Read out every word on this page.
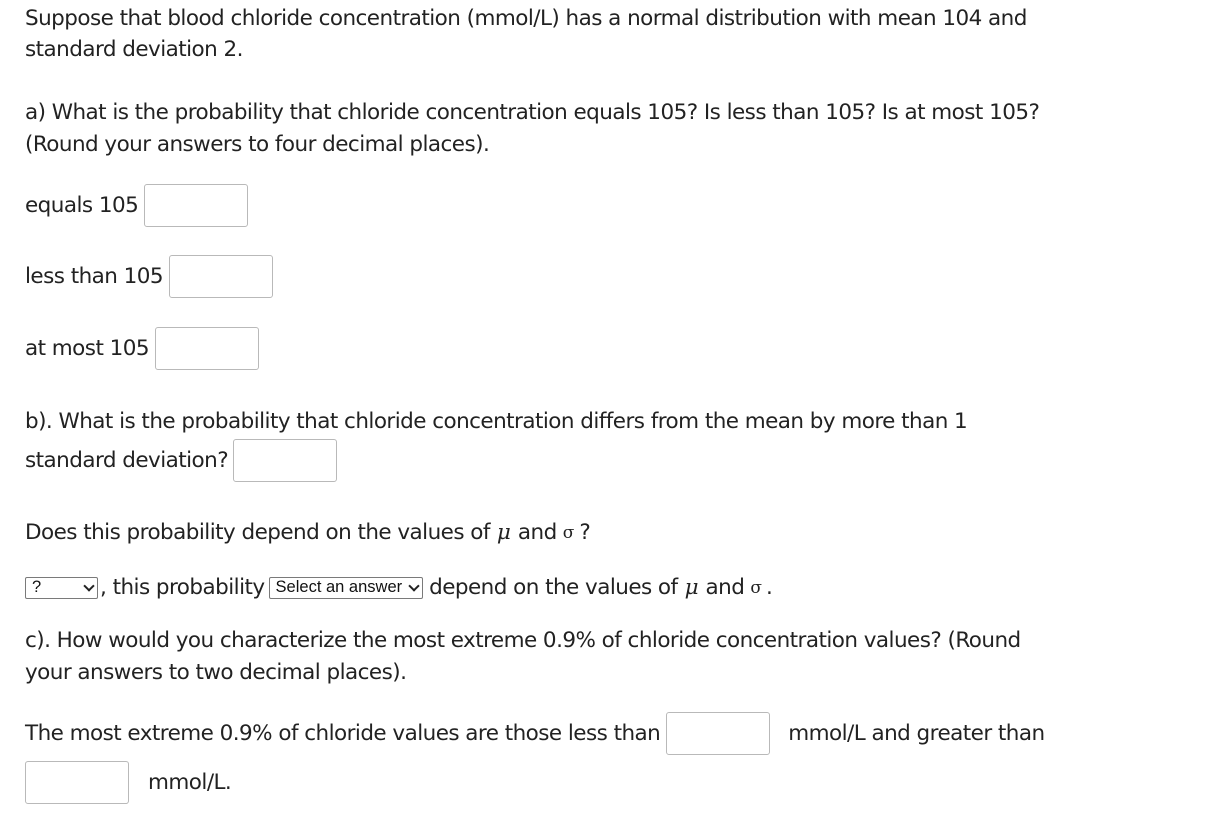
Suppose that blood chloride concentration (mmol/L) has a normal distribution with mean 104 and
standard deviation 2.
a) What is the probability that chloride concentration equals 105? Is less than 105? Is at most 105?
(Round your answers to four decimal places).
equals 105
less than 105
at most 105
b). What is the probability that chloride concentration differs from the mean by more than 1
standard deviation?
Does this probability depend on the values of μ and σ ?
?	, this probability Select an answer depend on the values of μ and σ .
c). How would you characterize the most extreme 0.9% of chloride concentration values? (Round
your answers to two decimal places).
The most extreme 0.9% of chloride values are those less than	mmol/L and greater than
mmol/L.
